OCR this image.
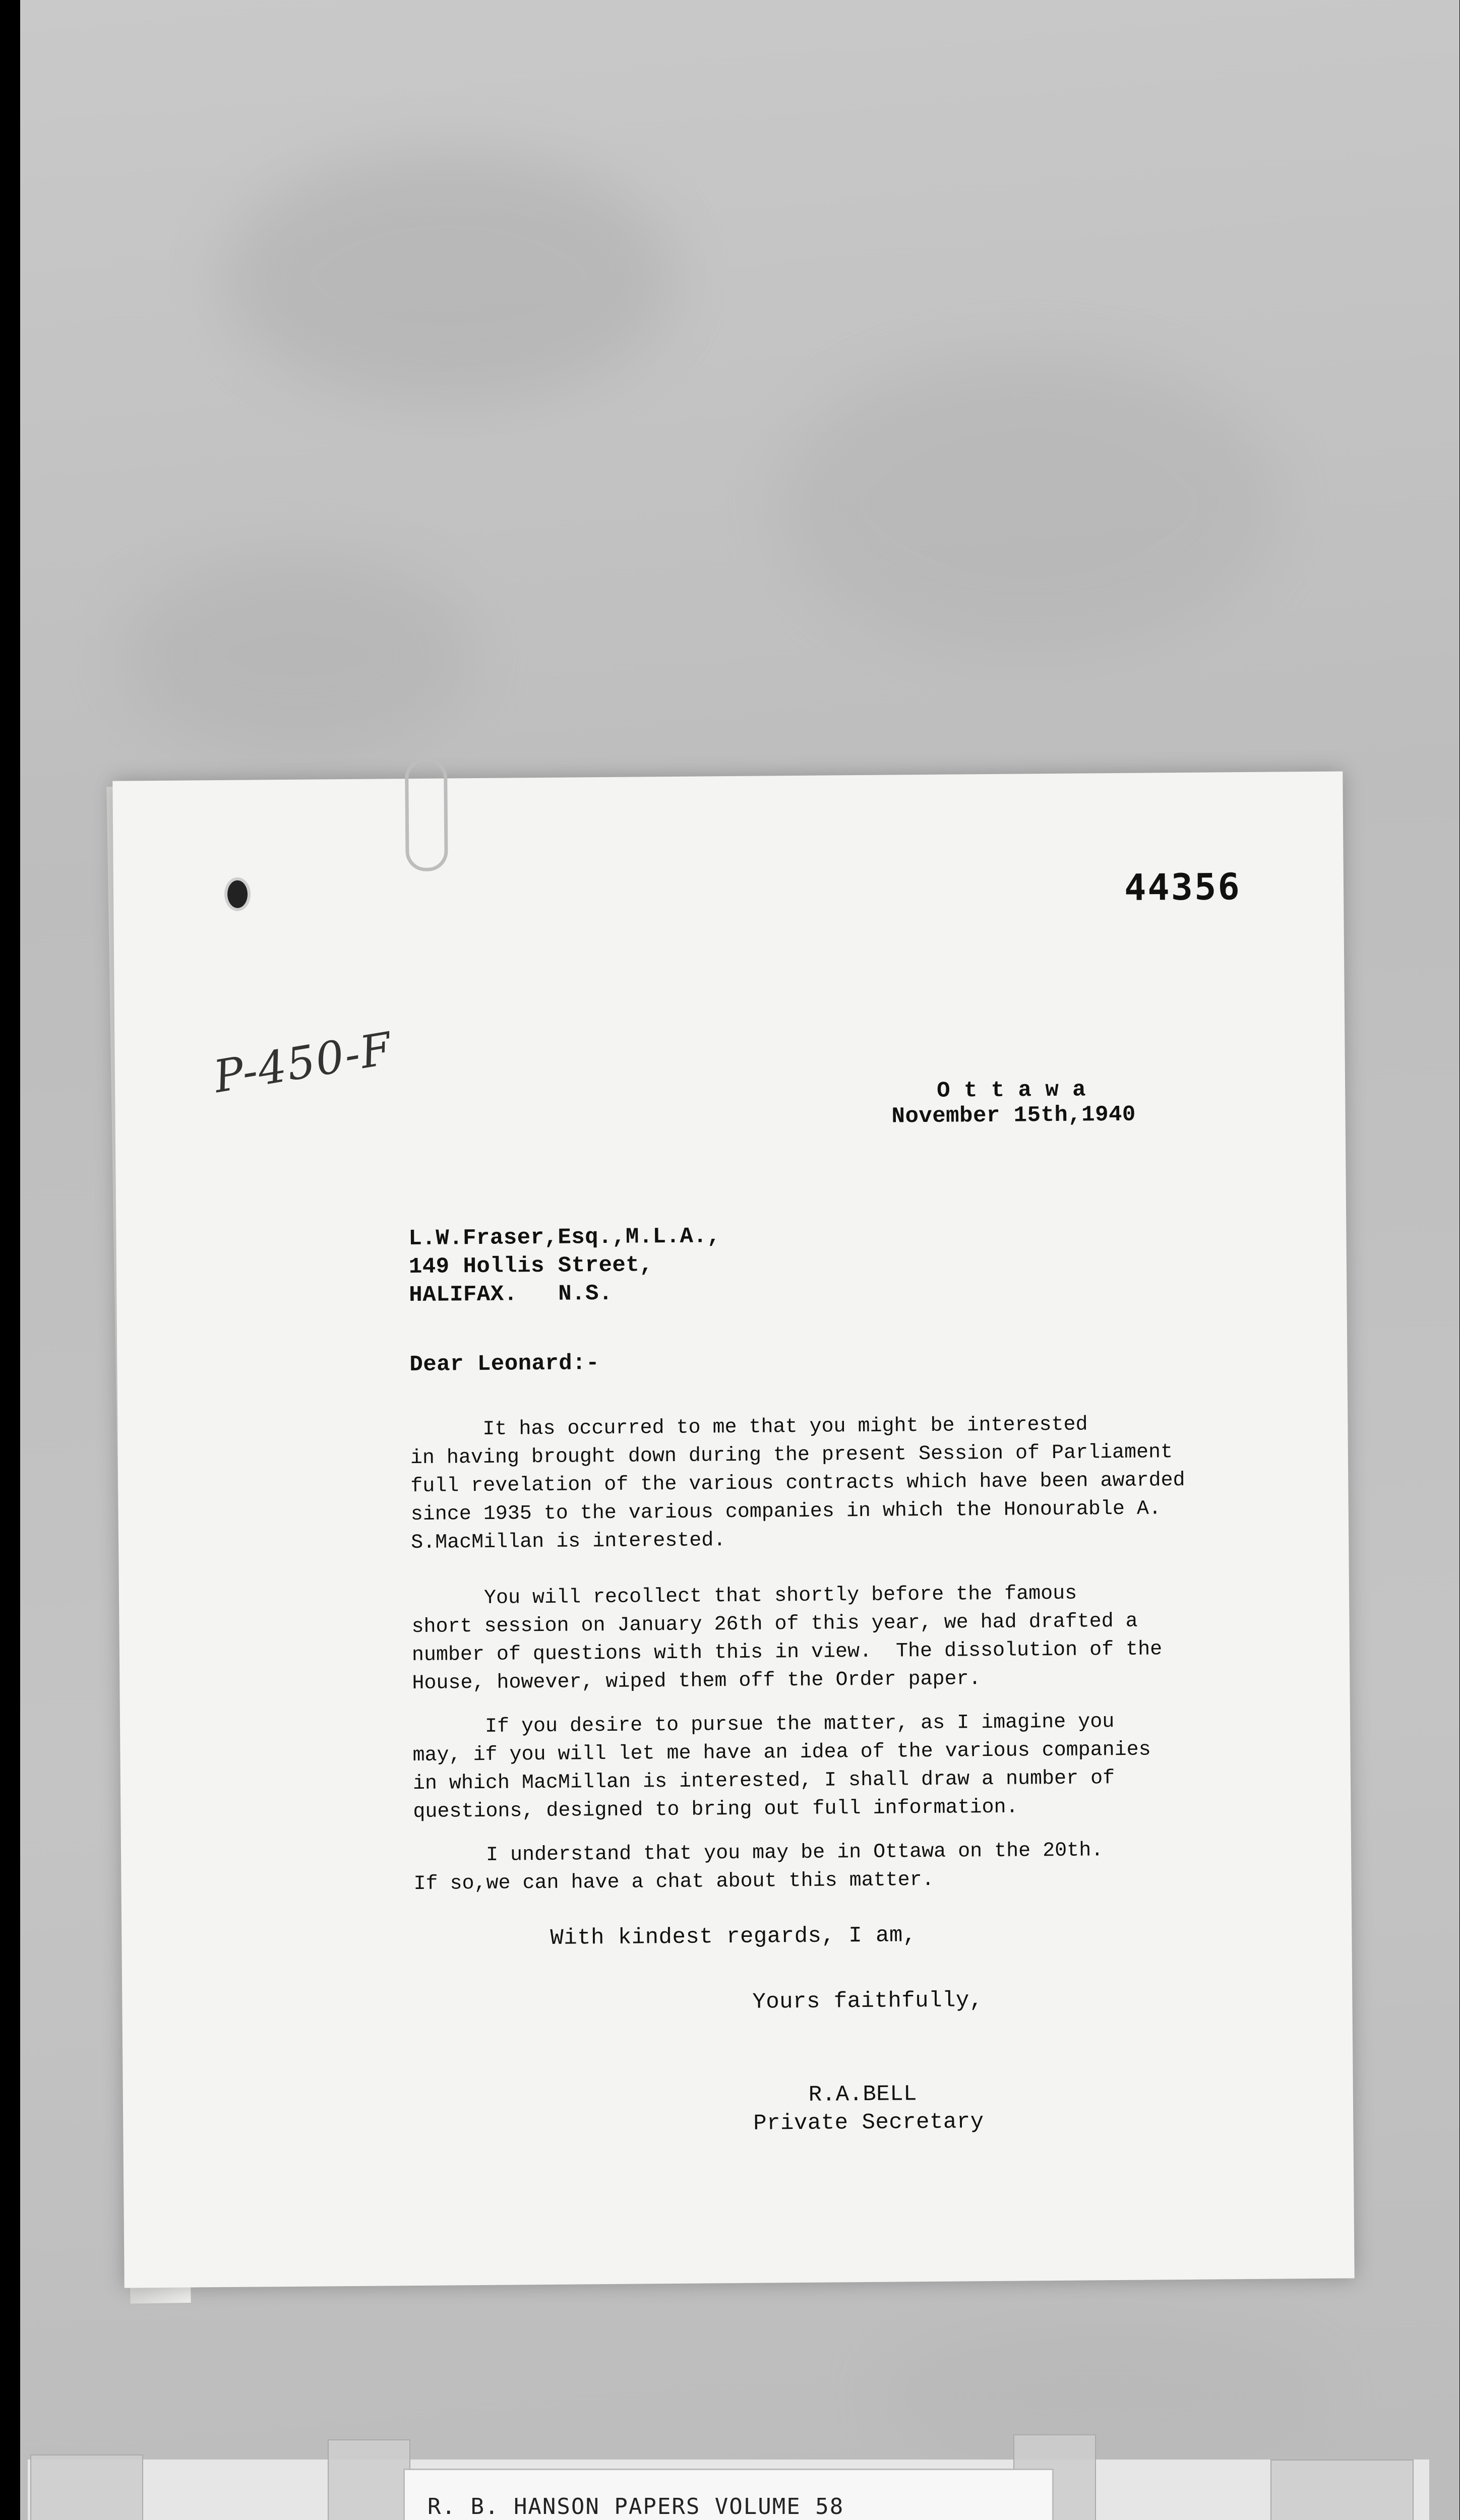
44356
P-450-F	O t t a w a
November 15th,1940
L.W.Fraser,Esq.,M.L.A.,
149 Hollis Street,
HALIFAX.   N.S.
Dear Leonard:-
It has occurred to me that you might be interested
in having brought down during the present Session of Parliament
full revelation of the various contracts which have been awarded
since 1935 to the various companies in which the Honourable A.
S.MacMillan is interested.
You will recollect that shortly before the famous
short session on January 26th of this year, we had drafted a
number of questions with this in view.  The dissolution of the
House, however, wiped them off the Order paper.
If you desire to pursue the matter, as I imagine you
may, if you will let me have an idea of the various companies
in which MacMillan is interested, I shall draw a number of
questions, designed to bring out full information.
I understand that you may be in Ottawa on the 20th.
If so,we can have a chat about this matter.
With kindest regards, I am,
Yours faithfully,
R.A.BELL
Private Secretary
R. B. HANSON PAPERS VOLUME 58
